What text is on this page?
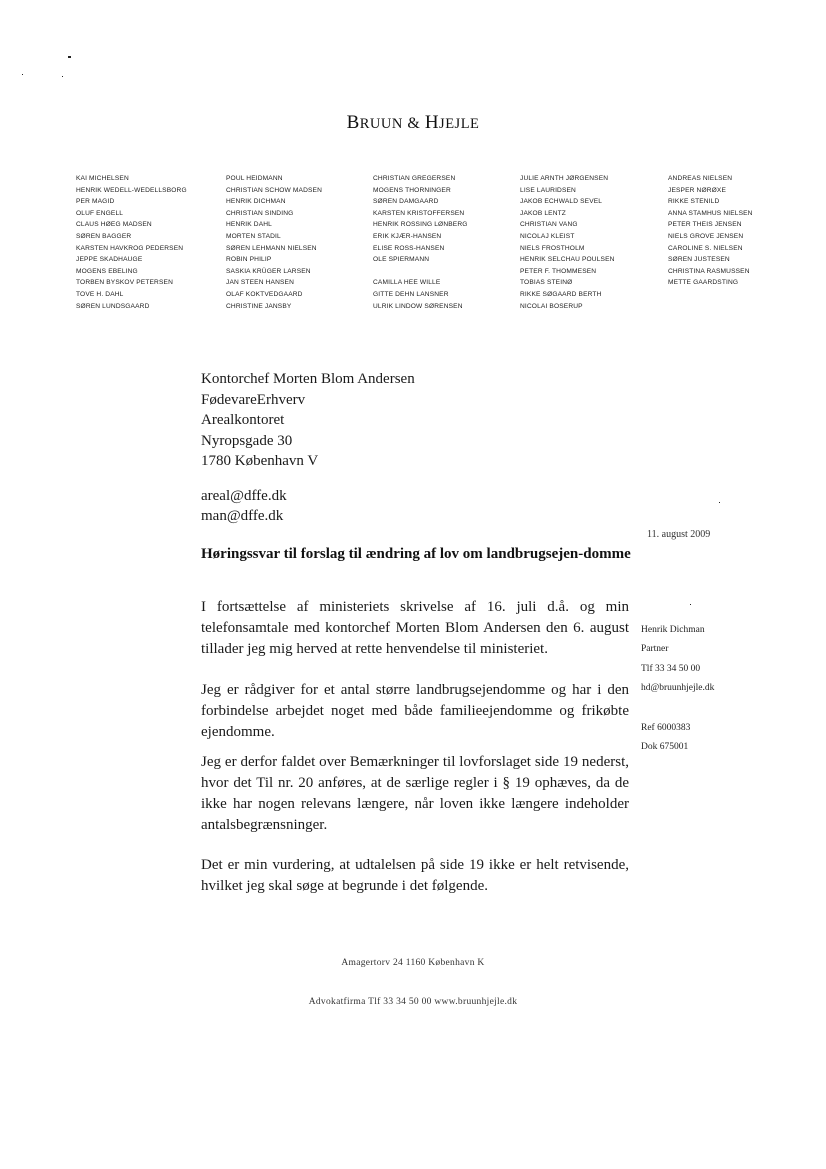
BRUUN & HJEJLE
KAI MICHELSEN
HENRIK WEDELL-WEDELLSBORG
PER MAGID
OLUF ENGELL
CLAUS HØEG MADSEN
SØREN BAGGER
KARSTEN HAVKROG PEDERSEN
JEPPE SKADHAUGE
MOGENS EBELING
TORBEN BYSKOV PETERSEN
TOVE H. DAHL
SØREN LUNDSGAARD
POUL HEIDMANN
CHRISTIAN SCHOW MADSEN
HENRIK DICHMAN
CHRISTIAN SINDING
HENRIK DAHL
MORTEN STADIL
SØREN LEHMANN NIELSEN
ROBIN PHILIP
SASKIA KRÜGER LARSEN
JAN STEEN HANSEN
OLAF KOKTVEDGAARD
CHRISTINE JANSBY
CHRISTIAN GREGERSEN
MOGENS THORNINGER
SØREN DAMGAARD
KARSTEN KRISTOFFERSEN
HENRIK ROSSING LØNBERG
ERIK KJÆR-HANSEN
ELISE ROSS-HANSEN
OLE SPIERMANN
CAMILLA HEE WILLE
GITTE DEHN LANSNER
ULRIK LINDOW SØRENSEN
JULIE ARNTH JØRGENSEN
LISE LAURIDSEN
JAKOB ECHWALD SEVEL
JAKOB LENTZ
CHRISTIAN VANG
NICOLAJ KLEIST
NIELS FROSTHOLM
HENRIK SELCHAU POULSEN
PETER F. THOMMESEN
TOBIAS STEINØ
RIKKE SØGAARD BERTH
NICOLAI BOSERUP
ANDREAS NIELSEN
JESPER NØRØXE
RIKKE STENILD
ANNA STAMHUS NIELSEN
PETER THEIS JENSEN
NIELS GROVE JENSEN
CAROLINE S. NIELSEN
SØREN JUSTESEN
CHRISTINA RASMUSSEN
METTE GAARDSTING
Kontorchef Morten Blom Andersen
FødevareErhverv
Arealkontoret
Nyropsgade 30
1780 København V
areal@dffe.dk
man@dffe.dk
11. august 2009
Høringssvar til forslag til ændring af lov om landbrugsejen-domme
I fortsættelse af ministeriets skrivelse af 16. juli d.å. og min telefonsamtale med kontorchef Morten Blom Andersen den 6. august tillader jeg mig herved at rette henvendelse til ministeriet.
Jeg er rådgiver for et antal større landbrugsejendomme og har i den forbindelse arbejdet noget med både familieejendomme og frikøbte ejendomme.
Jeg er derfor faldet over Bemærkninger til lovforslaget side 19 nederst, hvor det Til nr. 20 anføres, at de særlige regler i § 19 ophæves, da de ikke har nogen relevans længere, når loven ikke længere indeholder antalsbegrænsninger.
Det er min vurdering, at udtalelsen på side 19 ikke er helt retvisende, hvilket jeg skal søge at begrunde i det følgende.
Henrik Dichman
Partner
Tlf 33 34 50 00
hd@bruunhjejle.dk
Ref 6000383
Dok 675001
Amagertorv 24 1160 København K
Advokatfirma Tlf 33 34 50 00 www.bruunhjejle.dk
